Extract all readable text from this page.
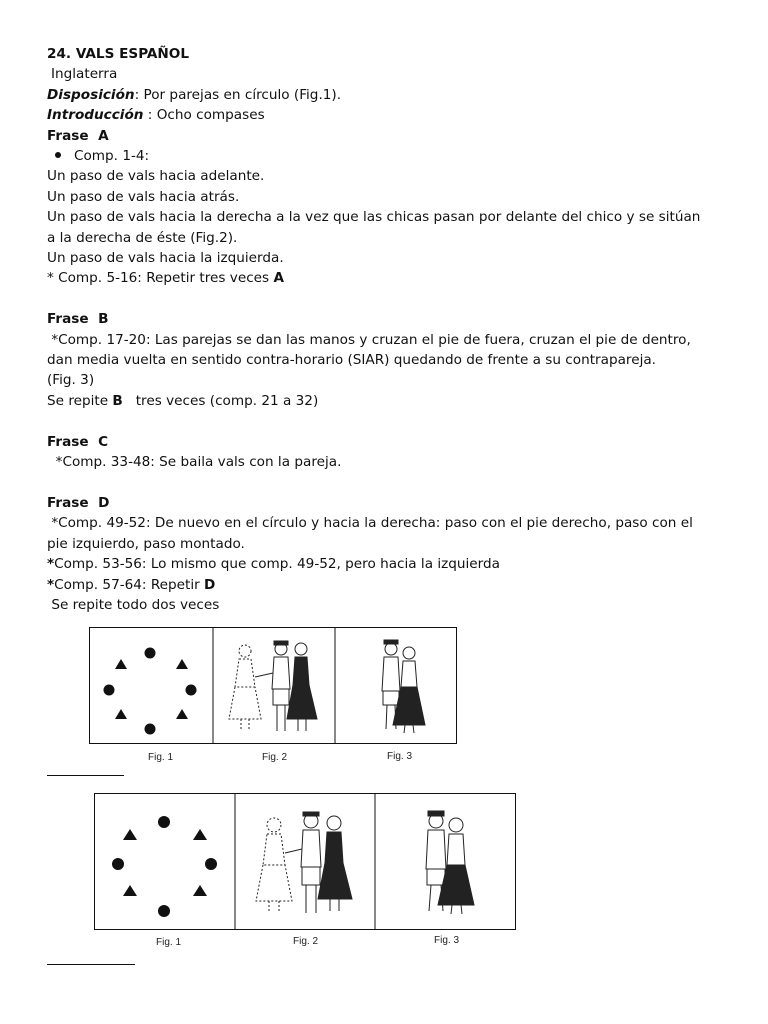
24. VALS ESPAÑOL
Inglaterra
Disposición: Por parejas en círculo (Fig.1).
Introducción : Ocho compases
Frase  A
Comp. 1-4:
Un paso de vals hacia adelante.
Un paso de vals hacia atrás.
Un paso de vals hacia la derecha a la vez que las chicas pasan por delante del chico y se sitúan
a la derecha de éste (Fig.2).
Un paso de vals hacia la izquierda.
* Comp. 5-16: Repetir tres veces A
Frase  B
*Comp. 17-20: Las parejas se dan las manos y cruzan el pie de fuera, cruzan el pie de dentro,
dan media vuelta en sentido contra-horario (SIAR) quedando de frente a su contrapareja.
(Fig. 3)
Se repite B   tres veces (comp. 21 a 32)
Frase  C
*Comp. 33-48: Se baila vals con la pareja.
Frase  D
*Comp. 49-52: De nuevo en el círculo y hacia la derecha: paso con el pie derecho, paso con el
pie izquierdo, paso montado.
*Comp. 53-56: Lo mismo que comp. 49-52, pero hacia la izquierda
*Comp. 57-64: Repetir D
Se repite todo dos veces
Fig. 1	Fig. 2	Fig. 3
Fig. 1	Fig. 2	Fig. 3
